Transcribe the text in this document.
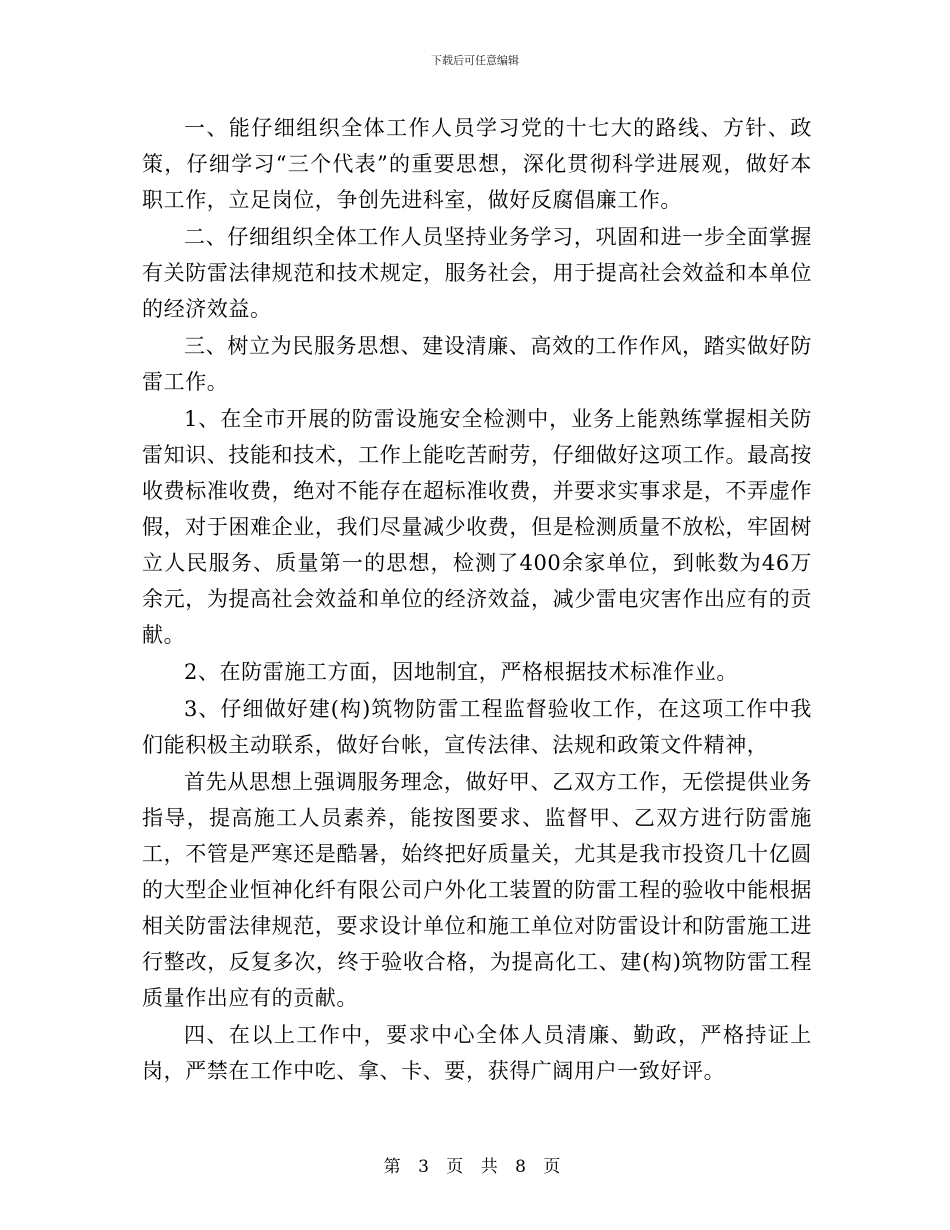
下载后可任意编辑

一、能仔细组织全体工作人员学习党的十七大的路线、方针、政策，仔细学习“三个代表”的重要思想，深化贯彻科学进展观，做好本职工作，立足岗位，争创先进科室，做好反腐倡廉工作。

二、仔细组织全体工作人员坚持业务学习，巩固和进一步全面掌握有关防雷法律规范和技术规定，服务社会，用于提高社会效益和本单位的经济效益。

三、树立为民服务思想、建设清廉、高效的工作作风，踏实做好防雷工作。

1、在全市开展的防雷设施安全检测中，业务上能熟练掌握相关防雷知识、技能和技术，工作上能吃苦耐劳，仔细做好这项工作。最高按收费标准收费，绝对不能存在超标准收费，并要求实事求是，不弄虚作假，对于困难企业，我们尽量减少收费，但是检测质量不放松，牢固树立人民服务、质量第一的思想，检测了400余家单位，到帐数为46万余元，为提高社会效益和单位的经济效益，减少雷电灾害作出应有的贡献。

2、在防雷施工方面，因地制宜，严格根据技术标准作业。

3、仔细做好建(构)筑物防雷工程监督验收工作，在这项工作中我们能积极主动联系，做好台帐，宣传法律、法规和政策文件精神，

首先从思想上强调服务理念，做好甲、乙双方工作，无偿提供业务指导，提高施工人员素养，能按图要求、监督甲、乙双方进行防雷施工，不管是严寒还是酷暑，始终把好质量关，尤其是我市投资几十亿圆的大型企业恒神化纤有限公司户外化工装置的防雷工程的验收中能根据相关防雷法律规范，要求设计单位和施工单位对防雷设计和防雷施工进行整改，反复多次，终于验收合格，为提高化工、建(构)筑物防雷工程质量作出应有的贡献。

四、在以上工作中，要求中心全体人员清廉、勤政，严格持证上岗，严禁在工作中吃、拿、卡、要，获得广阔用户一致好评。

第 3 页 共 8 页
